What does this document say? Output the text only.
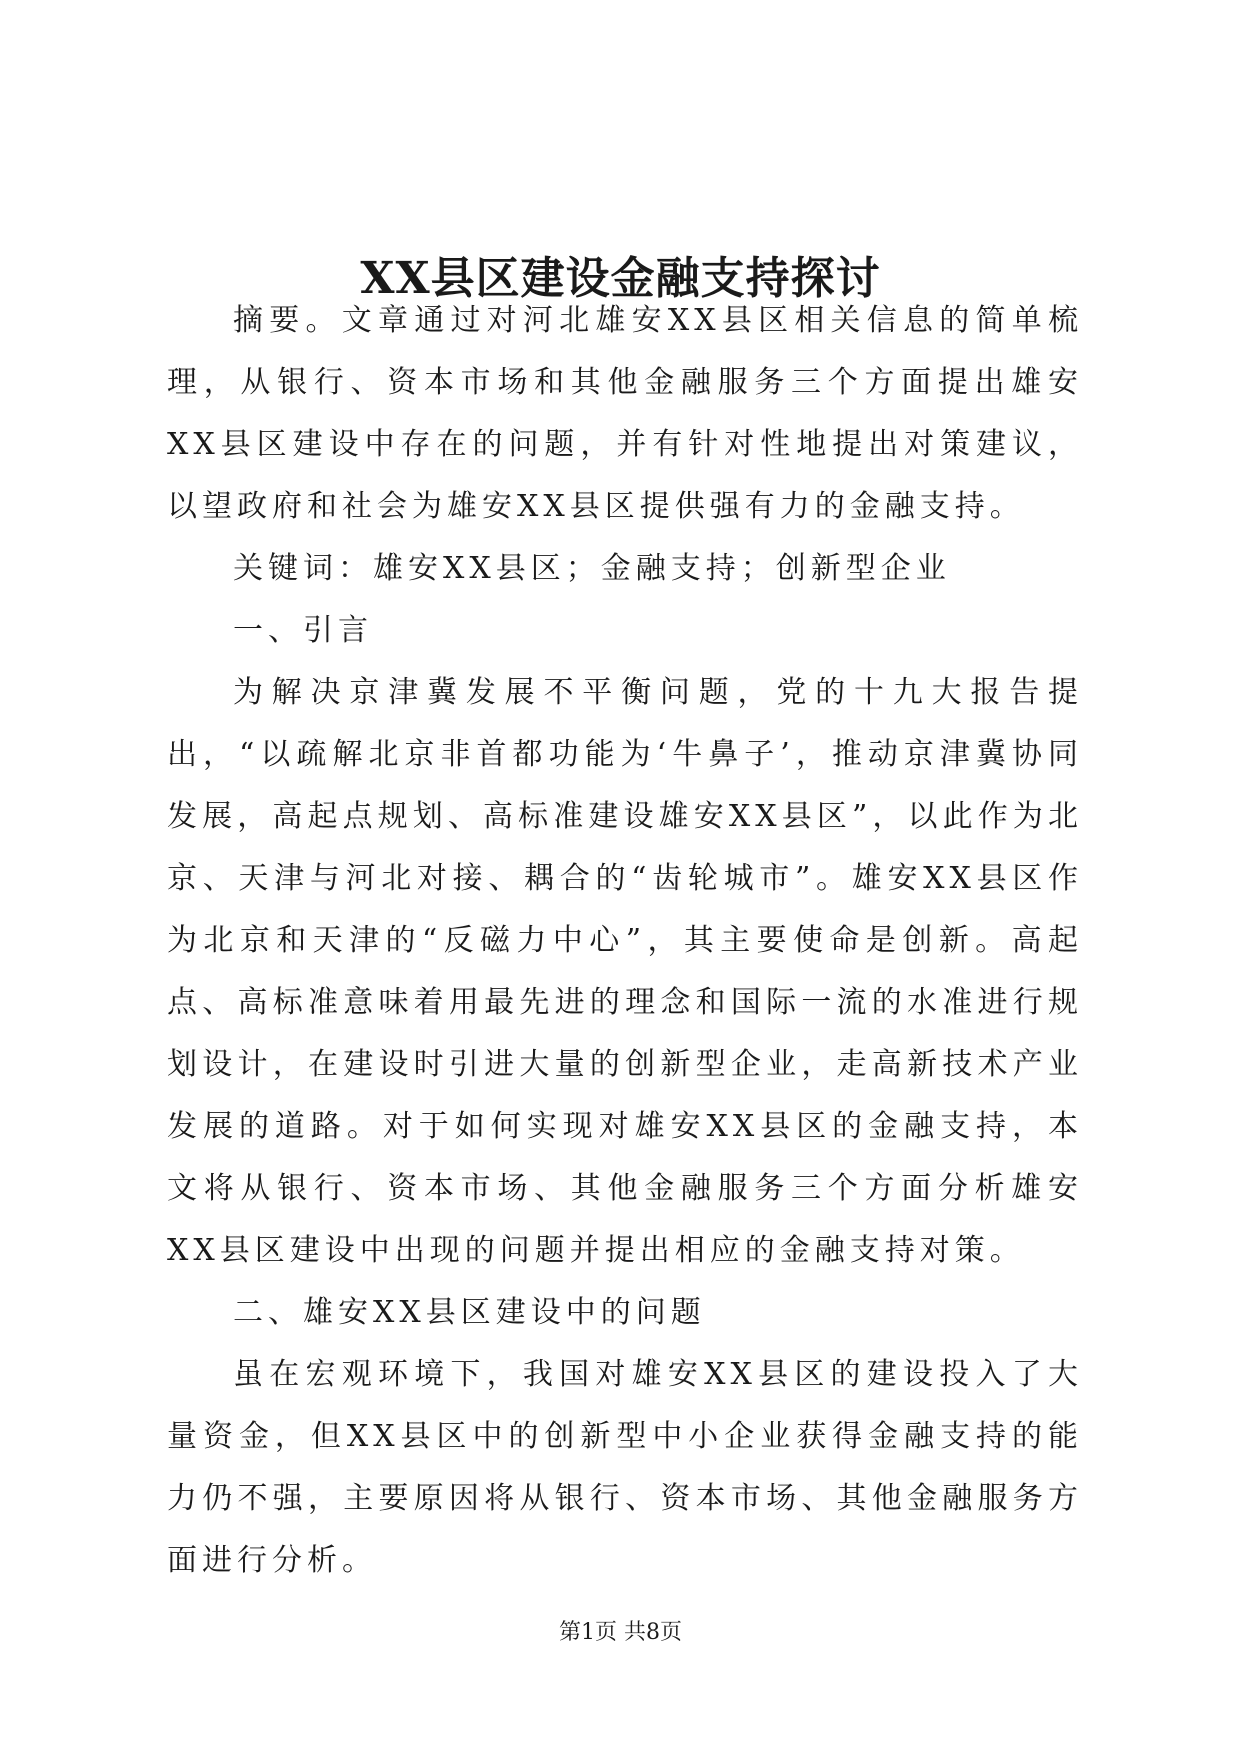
XX县区建设金融支持探讨

摘要。文章通过对河北雄安XX县区相关信息的简单梳理，从银行、资本市场和其他金融服务三个方面提出雄安XX县区建设中存在的问题，并有针对性地提出对策建议，以望政府和社会为雄安XX县区提供强有力的金融支持。

关键词：雄安XX县区；金融支持；创新型企业

一、引言

为解决京津冀发展不平衡问题，党的十九大报告提出，“以疏解北京非首都功能为‘牛鼻子’，推动京津冀协同发展，高起点规划、高标准建设雄安XX县区”，以此作为北京、天津与河北对接、耦合的“齿轮城市”。雄安XX县区作为北京和天津的“反磁力中心”，其主要使命是创新。高起点、高标准意味着用最先进的理念和国际一流的水准进行规划设计，在建设时引进大量的创新型企业，走高新技术产业发展的道路。对于如何实现对雄安XX县区的金融支持，本文将从银行、资本市场、其他金融服务三个方面分析雄安XX县区建设中出现的问题并提出相应的金融支持对策。

二、雄安XX县区建设中的问题

虽在宏观环境下，我国对雄安XX县区的建设投入了大量资金，但XX县区中的创新型中小企业获得金融支持的能力仍不强，主要原因将从银行、资本市场、其他金融服务方面进行分析。

第1页 共8页
